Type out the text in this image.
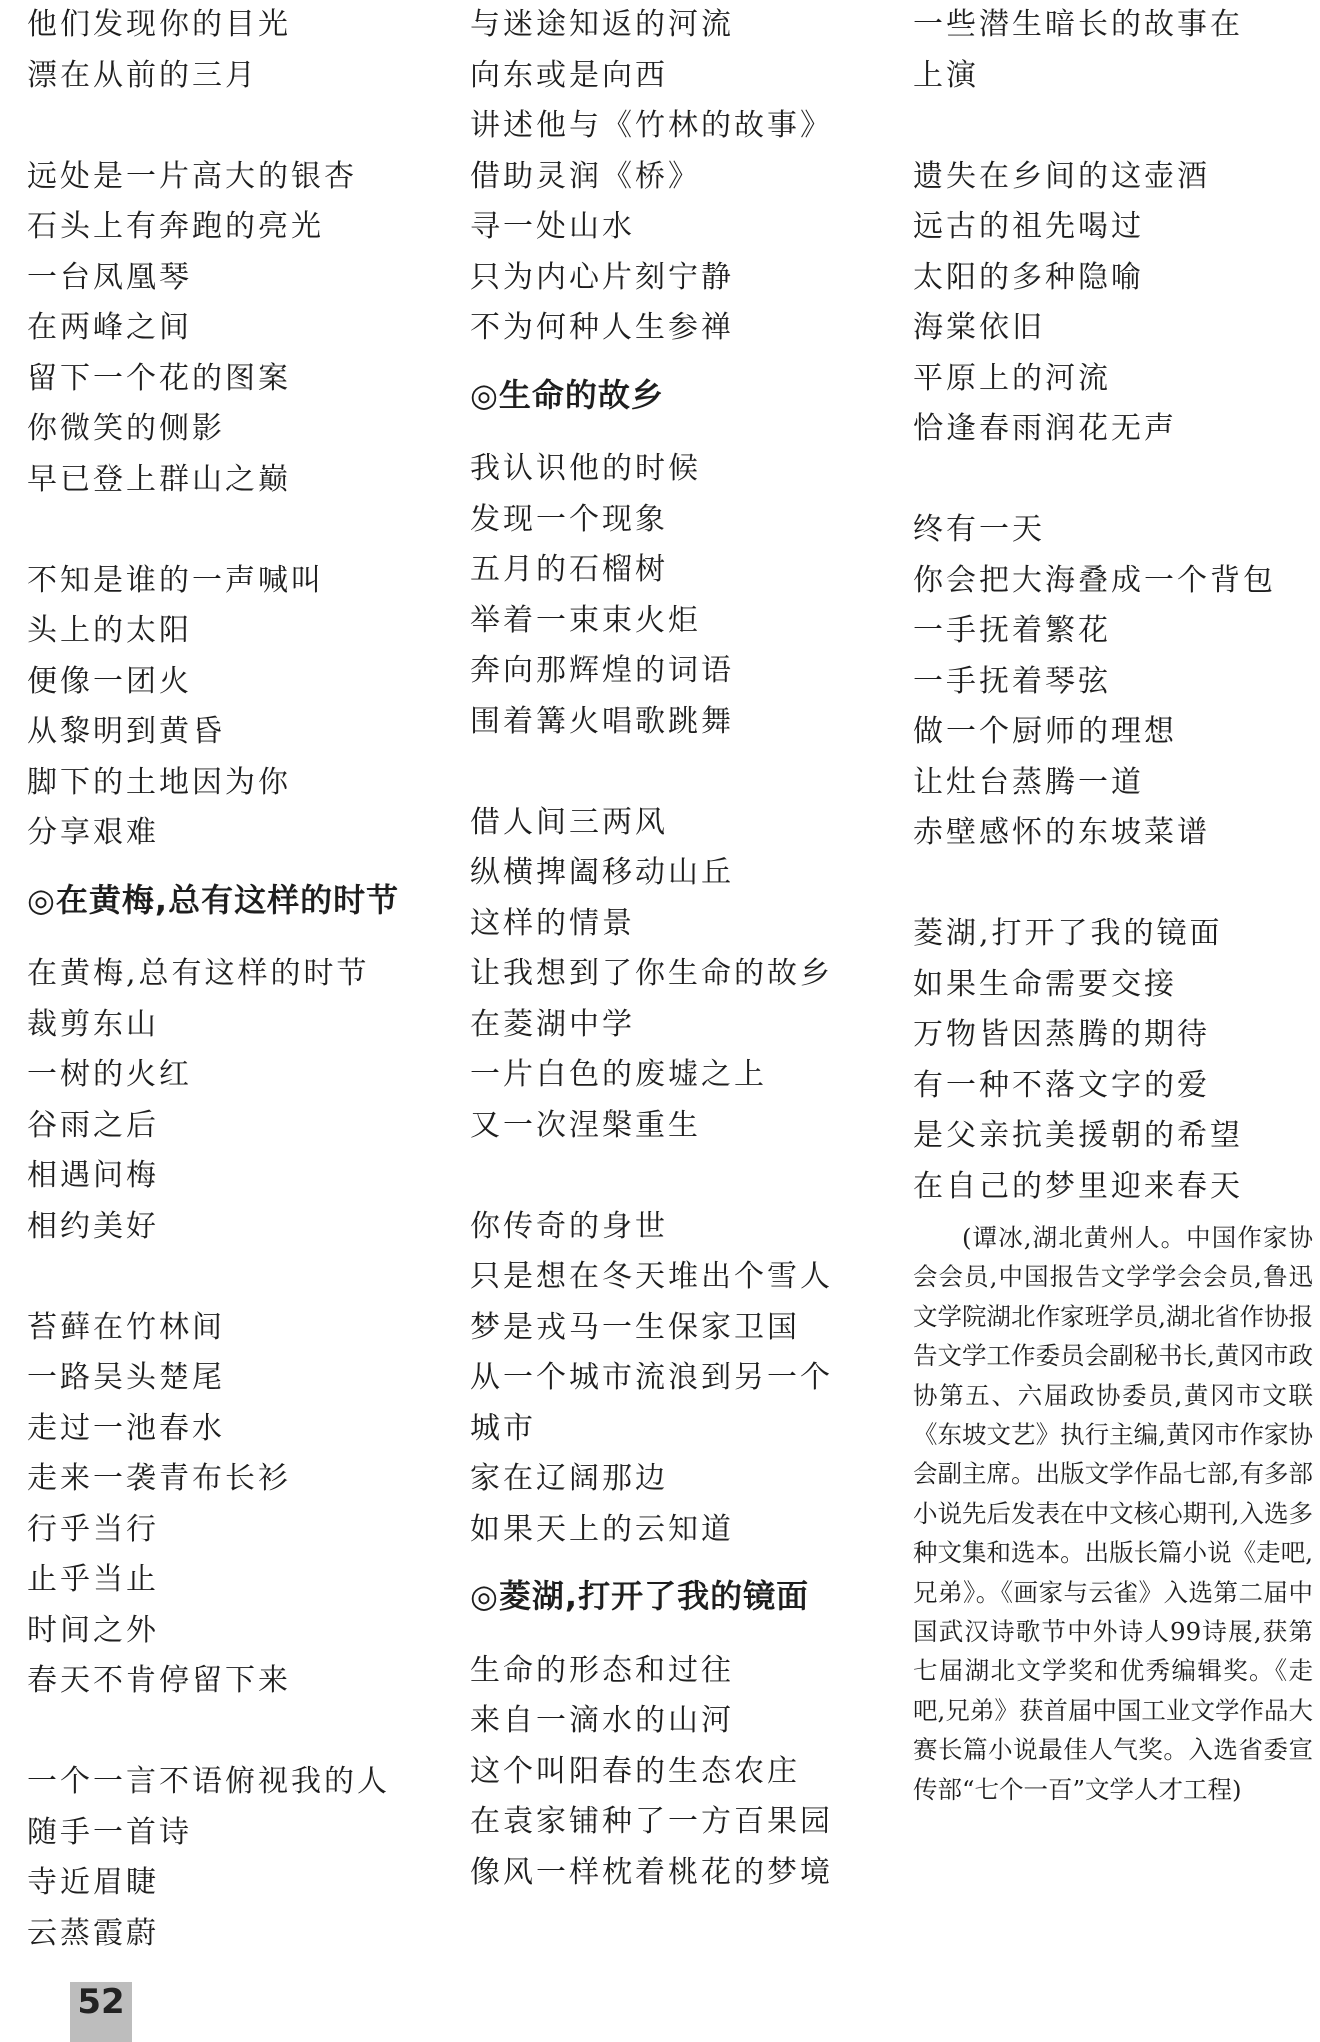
他们发现你的目光
漂在从前的三月
远处是一片高大的银杏
石头上有奔跑的亮光
一台凤凰琴
在两峰之间
留下一个花的图案
你微笑的侧影
早已登上群山之巅
不知是谁的一声喊叫
头上的太阳
便像一团火
从黎明到黄昏
脚下的土地因为你
分享艰难
◎在黄梅,总有这样的时节
在黄梅,总有这样的时节
裁剪东山
一树的火红
谷雨之后
相遇问梅
相约美好
苔藓在竹林间
一路吴头楚尾
走过一池春水
走来一袭青布长衫
行乎当行
止乎当止
时间之外
春天不肯停留下来
一个一言不语俯视我的人
随手一首诗
寺近眉睫
云蒸霞蔚
与迷途知返的河流
向东或是向西
讲述他与《竹林的故事》
借助灵润《桥》
寻一处山水
只为内心片刻宁静
不为何种人生参禅
◎生命的故乡
我认识他的时候
发现一个现象
五月的石榴树
举着一束束火炬
奔向那辉煌的词语
围着篝火唱歌跳舞
借人间三两风
纵横捭阖移动山丘
这样的情景
让我想到了你生命的故乡
在菱湖中学
一片白色的废墟之上
又一次涅槃重生
你传奇的身世
只是想在冬天堆出个雪人
梦是戎马一生保家卫国
从一个城市流浪到另一个
城市
家在辽阔那边
如果天上的云知道
◎菱湖,打开了我的镜面
生命的形态和过往
来自一滴水的山河
这个叫阳春的生态农庄
在袁家铺种了一方百果园
像风一样枕着桃花的梦境
一些潜生暗长的故事在
上演
遗失在乡间的这壶酒
远古的祖先喝过
太阳的多种隐喻
海棠依旧
平原上的河流
恰逢春雨润花无声
终有一天
你会把大海叠成一个背包
一手抚着繁花
一手抚着琴弦
做一个厨师的理想
让灶台蒸腾一道
赤壁感怀的东坡菜谱
菱湖,打开了我的镜面
如果生命需要交接
万物皆因蒸腾的期待
有一种不落文字的爱
是父亲抗美援朝的希望
在自己的梦里迎来春天
(谭冰,湖北黄州人。中国作家协会会员,中国报告文学学会会员,鲁迅文学院湖北作家班学员,湖北省作协报告文学工作委员会副秘书长,黄冈市政协第五、六届政协委员,黄冈市文联《东坡文艺》执行主编,黄冈市作家协会副主席。出版文学作品七部,有多部小说先后发表在中文核心期刊,入选多种文集和选本。出版长篇小说《走吧,兄弟》。《画家与云雀》入选第二届中国武汉诗歌节中外诗人99诗展,获第七届湖北文学奖和优秀编辑奖。《走吧,兄弟》获首届中国工业文学作品大赛长篇小说最佳人气奖。入选省委宣传部“七个一百”文学人才工程)
52
